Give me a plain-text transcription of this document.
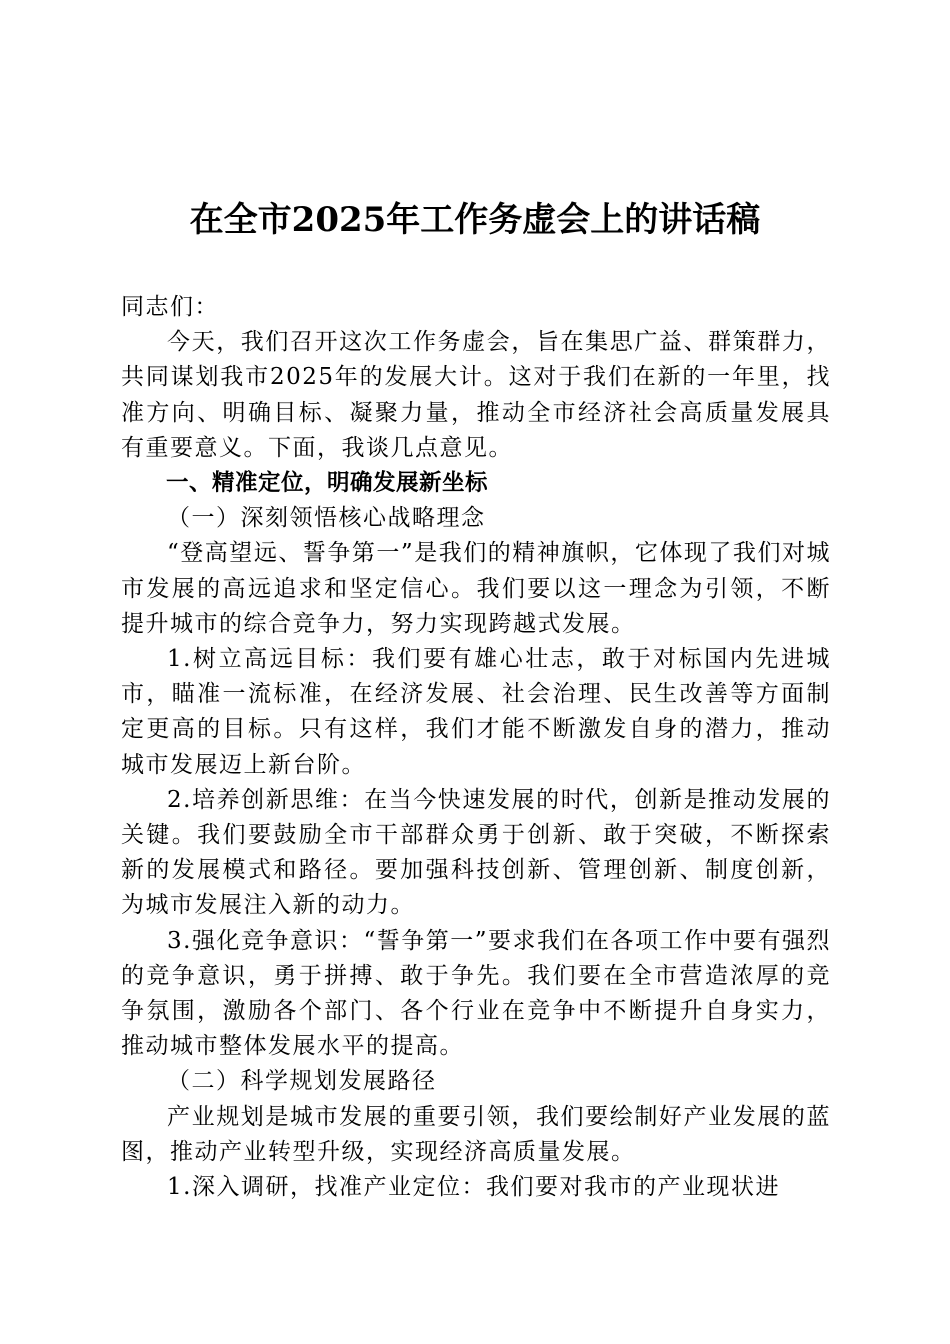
在全市2025年工作务虚会上的讲话稿

同志们：

今天，我们召开这次工作务虚会，旨在集思广益、群策群力，共同谋划我市2025年的发展大计。这对于我们在新的一年里，找准方向、明确目标、凝聚力量，推动全市经济社会高质量发展具有重要意义。下面，我谈几点意见。

一、精准定位，明确发展新坐标

（一）深刻领悟核心战略理念

“登高望远、誓争第一”是我们的精神旗帜，它体现了我们对城市发展的高远追求和坚定信心。我们要以这一理念为引领，不断提升城市的综合竞争力，努力实现跨越式发展。

1.树立高远目标：我们要有雄心壮志，敢于对标国内先进城市，瞄准一流标准，在经济发展、社会治理、民生改善等方面制定更高的目标。只有这样，我们才能不断激发自身的潜力，推动城市发展迈上新台阶。

2.培养创新思维：在当今快速发展的时代，创新是推动发展的关键。我们要鼓励全市干部群众勇于创新、敢于突破，不断探索新的发展模式和路径。要加强科技创新、管理创新、制度创新，为城市发展注入新的动力。

3.强化竞争意识：“誓争第一”要求我们在各项工作中要有强烈的竞争意识，勇于拼搏、敢于争先。我们要在全市营造浓厚的竞争氛围，激励各个部门、各个行业在竞争中不断提升自身实力，推动城市整体发展水平的提高。

（二）科学规划发展路径

产业规划是城市发展的重要引领，我们要绘制好产业发展的蓝图，推动产业转型升级，实现经济高质量发展。

1.深入调研，找准产业定位：我们要对我市的产业现状进
